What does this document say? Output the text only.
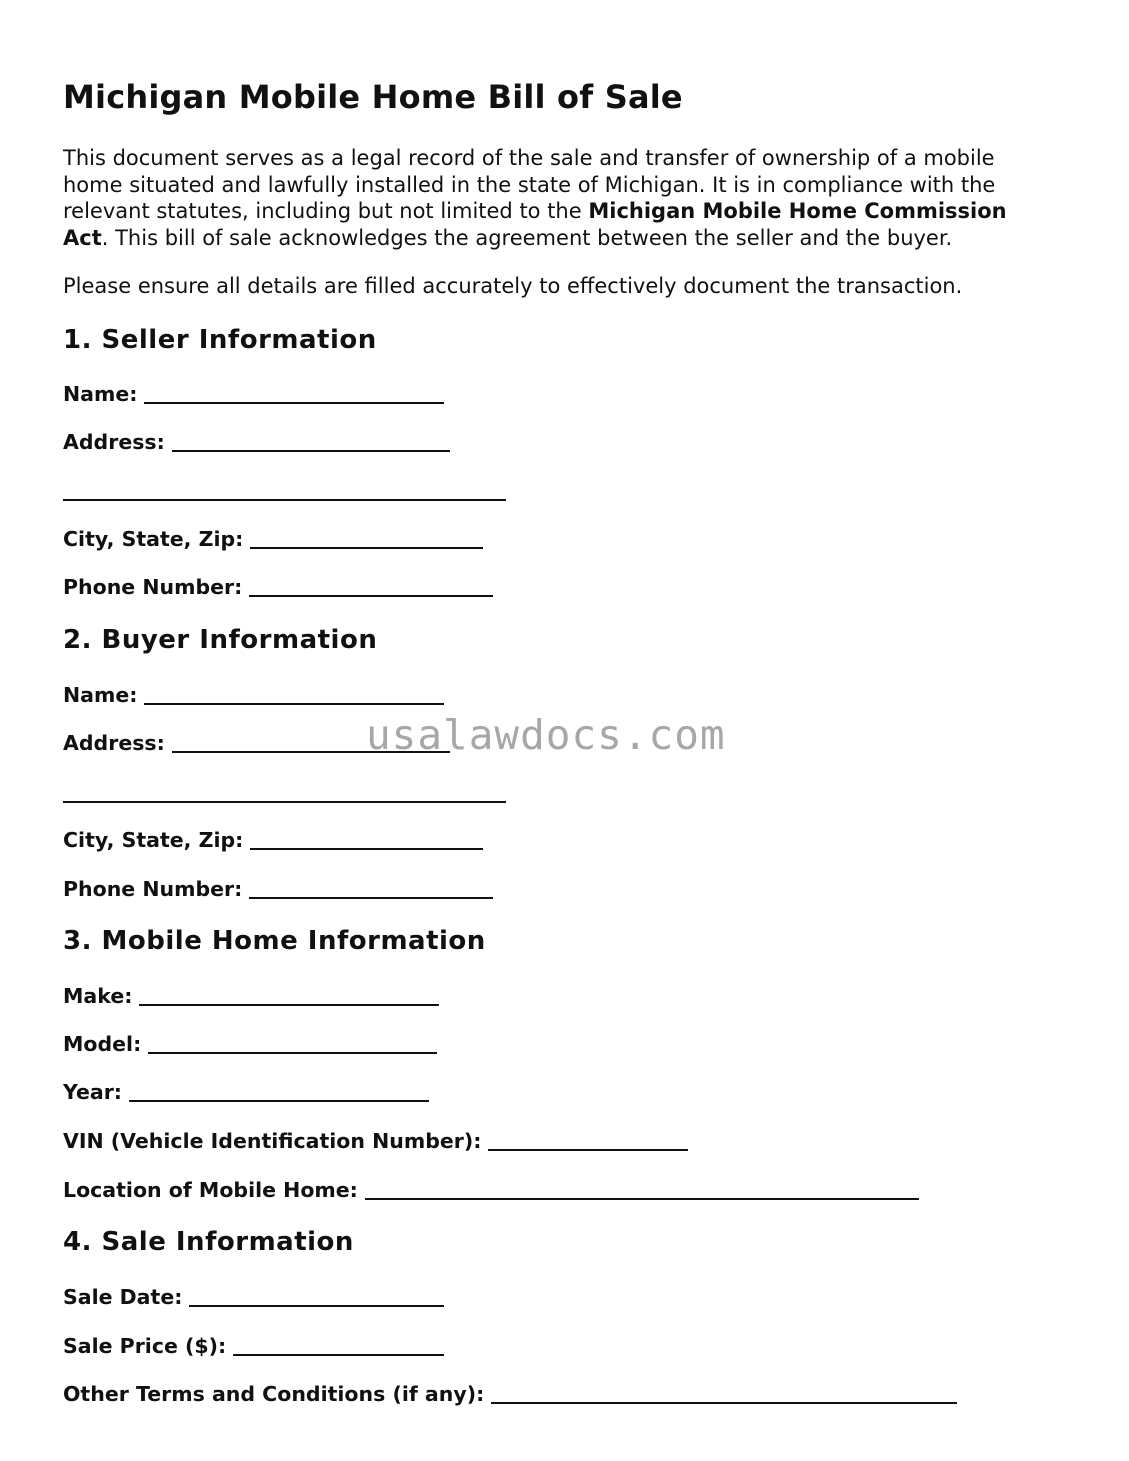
Michigan Mobile Home Bill of Sale

This document serves as a legal record of the sale and transfer of ownership of a mobile home situated and lawfully installed in the state of Michigan. It is in compliance with the relevant statutes, including but not limited to the Michigan Mobile Home Commission Act. This bill of sale acknowledges the agreement between the seller and the buyer.

Please ensure all details are filled accurately to effectively document the transaction.

1. Seller Information
Name:
Address:
City, State, Zip:
Phone Number:
2. Buyer Information
Name:
Address:
City, State, Zip:
Phone Number:
3. Mobile Home Information
Make:
Model:
Year:
VIN (Vehicle Identification Number):
Location of Mobile Home:
4. Sale Information
Sale Date:
Sale Price ($):
Other Terms and Conditions (if any):
usalawdocs.com
